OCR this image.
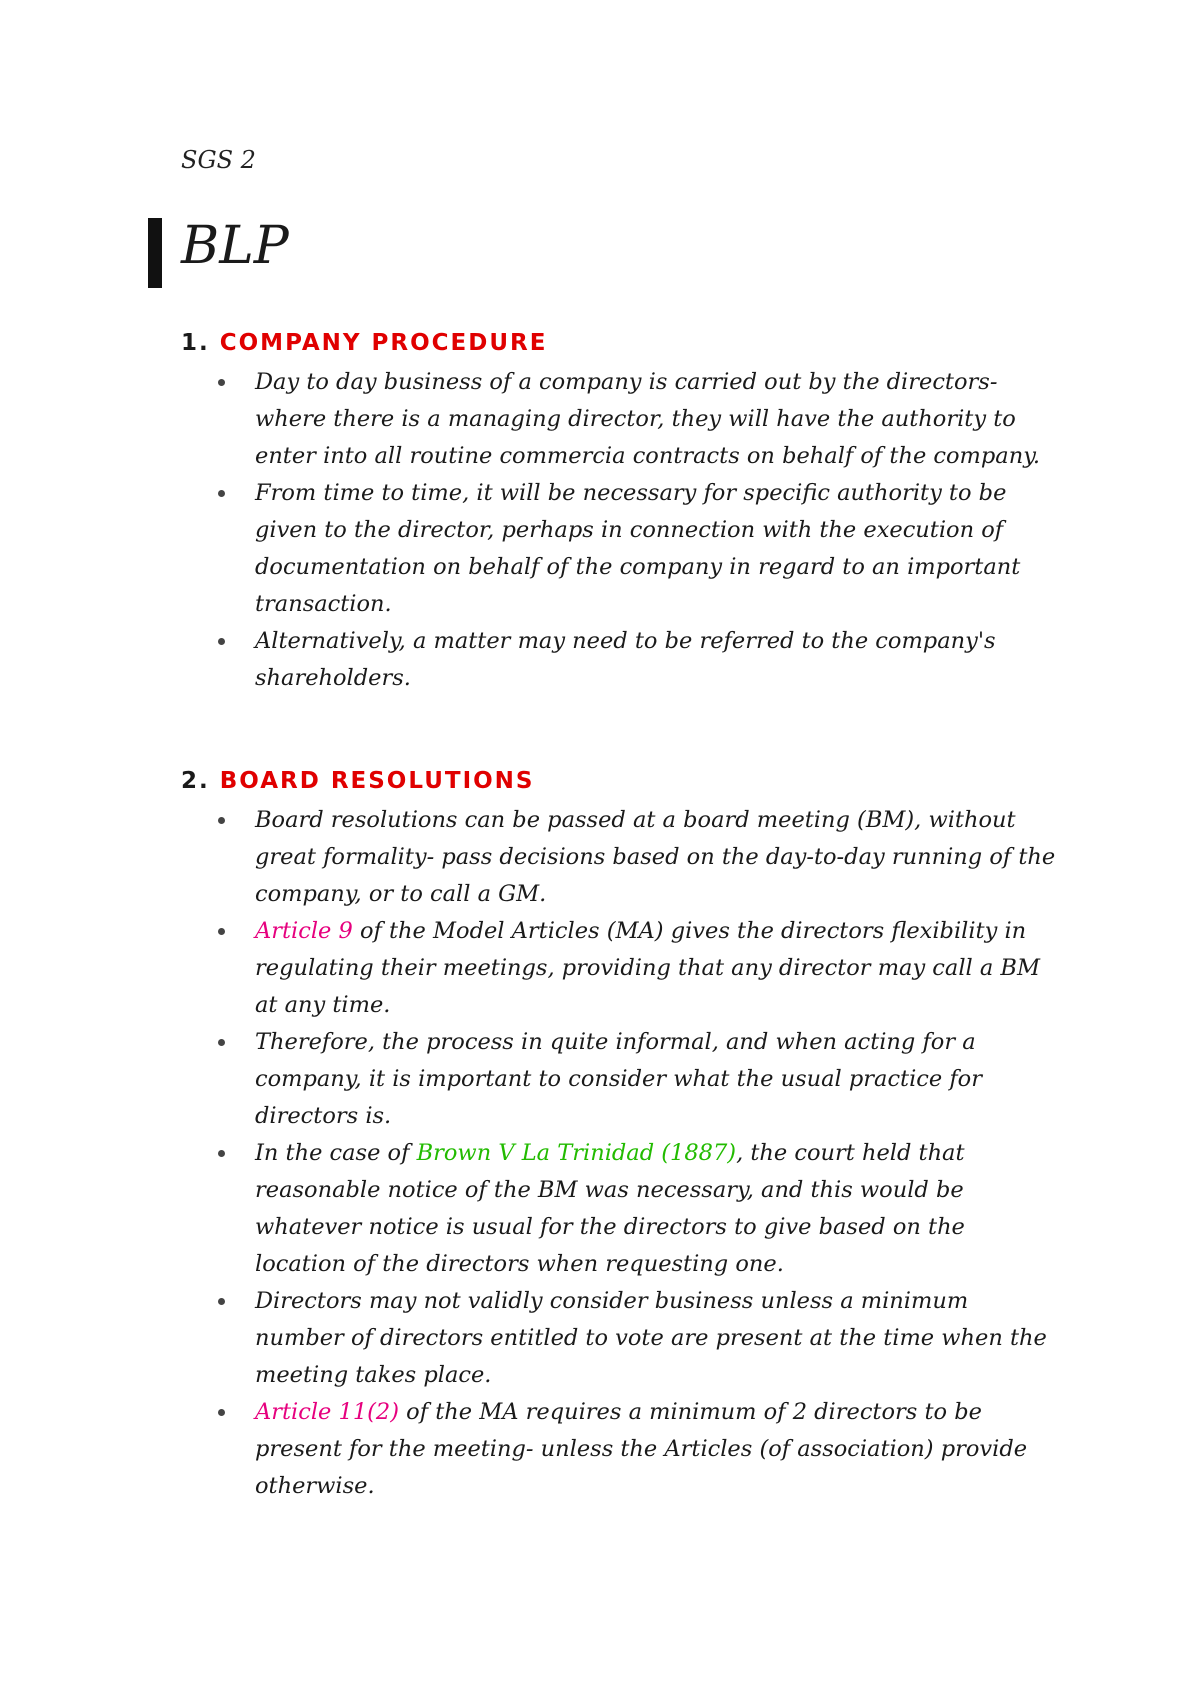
SGS 2
BLP
1. COMPANY PROCEDURE
Day to day business of a company is carried out by the directors- where there is a managing director, they will have the authority to enter into all routine commercia contracts on behalf of the company.
From time to time, it will be necessary for specific authority to be given to the director, perhaps in connection with the execution of documentation on behalf of the company in regard to an important transaction.
Alternatively, a matter may need to be referred to the company's shareholders.
2. BOARD RESOLUTIONS
Board resolutions can be passed at a board meeting (BM), without great formality- pass decisions based on the day-to-day running of the company, or to call a GM.
Article 9 of the Model Articles (MA) gives the directors flexibility in regulating their meetings, providing that any director may call a BM at any time.
Therefore, the process in quite informal, and when acting for a company, it is important to consider what the usual practice for directors is.
In the case of Brown V La Trinidad (1887), the court held that reasonable notice of the BM was necessary, and this would be whatever notice is usual for the directors to give based on the location of the directors when requesting one.
Directors may not validly consider business unless a minimum number of directors entitled to vote are present at the time when the meeting takes place.
Article 11(2) of the MA requires a minimum of 2 directors to be present for the meeting- unless the Articles (of association) provide otherwise.
